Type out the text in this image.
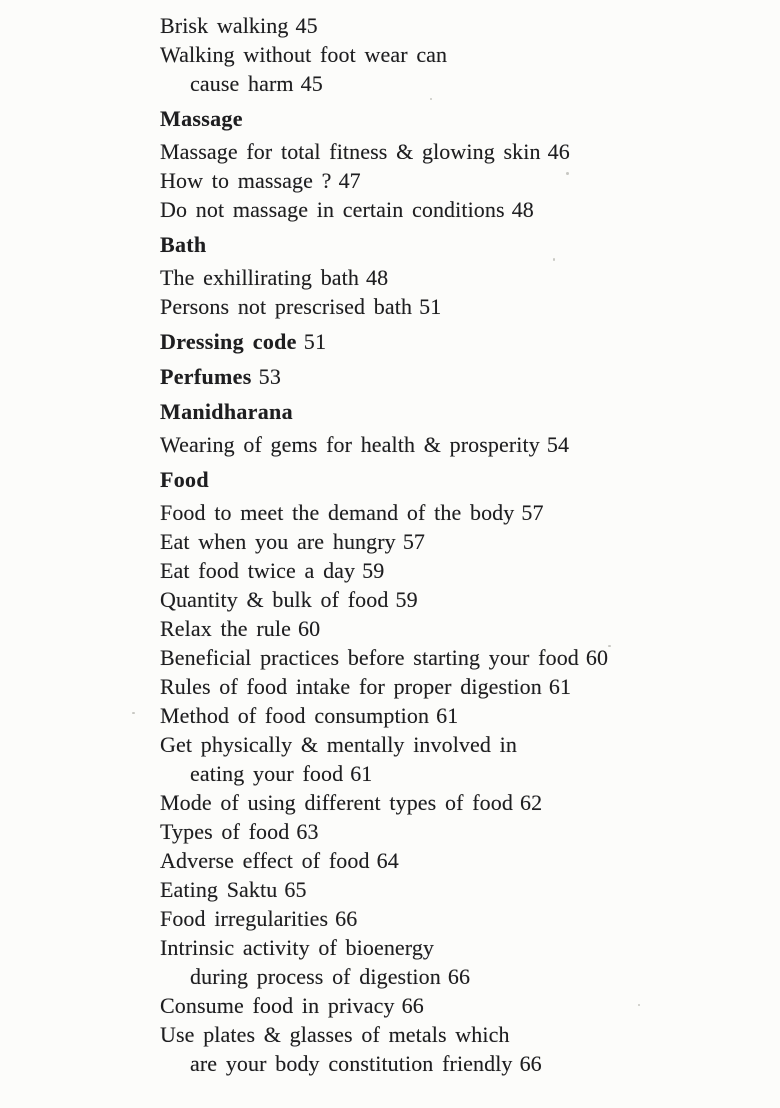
Brisk walking 45
Walking without foot wear can
cause harm 45
Massage
Massage for total fitness & glowing skin 46
How to massage ? 47
Do not massage in certain conditions 48
Bath
The exhillirating bath 48
Persons not prescrised bath 51
Dressing code 51
Perfumes 53
Manidharana
Wearing of gems for health & prosperity 54
Food
Food to meet the demand of the body 57
Eat when you are hungry 57
Eat food twice a day 59
Quantity & bulk of food 59
Relax the rule 60
Beneficial practices before starting your food 60
Rules of food intake for proper digestion 61
Method of food consumption 61
Get physically & mentally involved in
eating your food 61
Mode of using different types of food 62
Types of food 63
Adverse effect of food 64
Eating Saktu 65
Food irregularities 66
Intrinsic activity of bioenergy
during process of digestion 66
Consume food in privacy 66
Use plates & glasses of metals which
are your body constitution friendly 66
